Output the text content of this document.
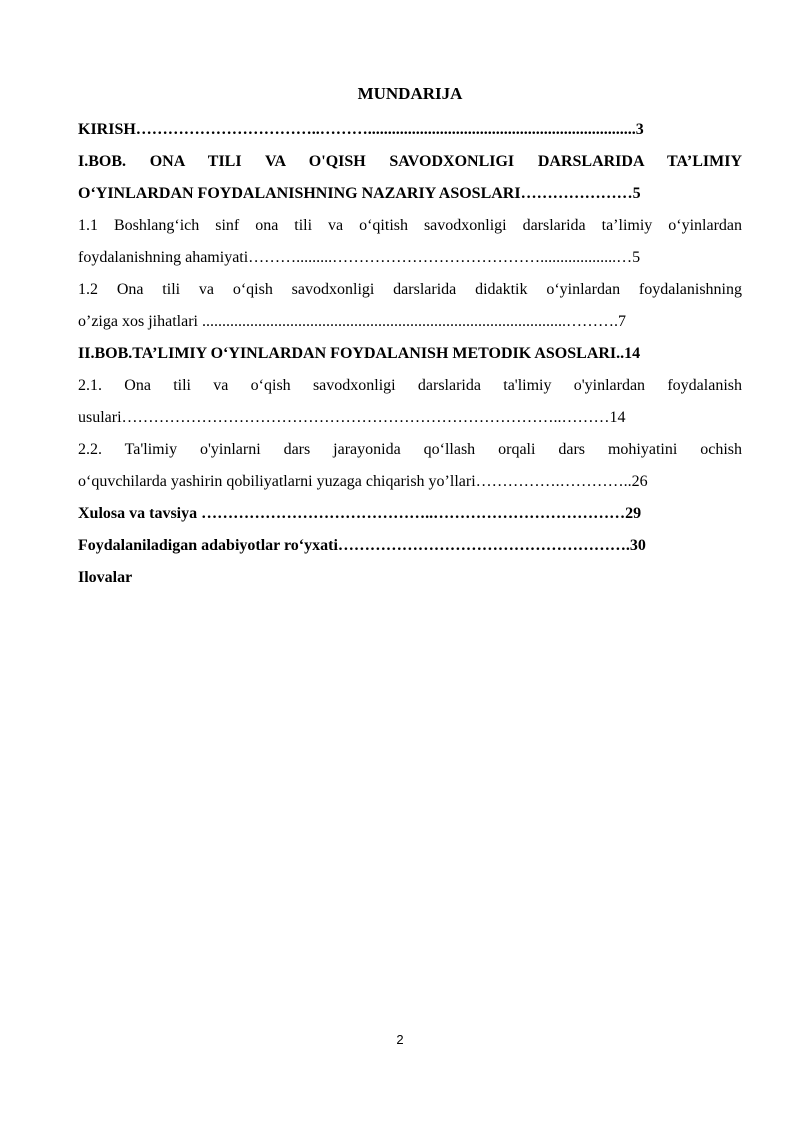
MUNDARIJA
KIRISH……………………………..………...................................................................3
I.BOB. ONA TILI VA O'QISH SAVODXONLIGI DARSLARIDA TA’LIMIY
O‘YINLARDAN FOYDALANISHNING NAZARIY ASOSLARI…………………5
1.1 Boshlang‘ich sinf ona tili va o‘qitish savodxonligi darslarida ta’limiy o‘yinlardan
foydalanishning ahamiyati……….........…………………………………...................…5
1.2 Ona tili va o‘qish savodxonligi darslarida didaktik o‘yinlardan foydalanishning
o’ziga xos jihatlari ...........................................................................................……….7
II.BOB.TA’LIMIY O‘YINLARDAN FOYDALANISH METODIK ASOSLARI..14
2.1. Ona tili va o‘qish savodxonligi darslarida ta'limiy o'yinlardan foydalanish
usulari………………………………………………………………………..………14
2.2. Ta'limiy o'yinlarni dars jarayonida qo‘llash orqali dars mohiyatini ochish
o‘quvchilarda yashirin qobiliyatlarni yuzaga chiqarish yo’llari…………….…………..26
Xulosa va tavsiya ……………………………………..………………………………29
Foydalaniladigan adabiyotlar ro‘yxati……………………………………………….30
Ilovalar
2
